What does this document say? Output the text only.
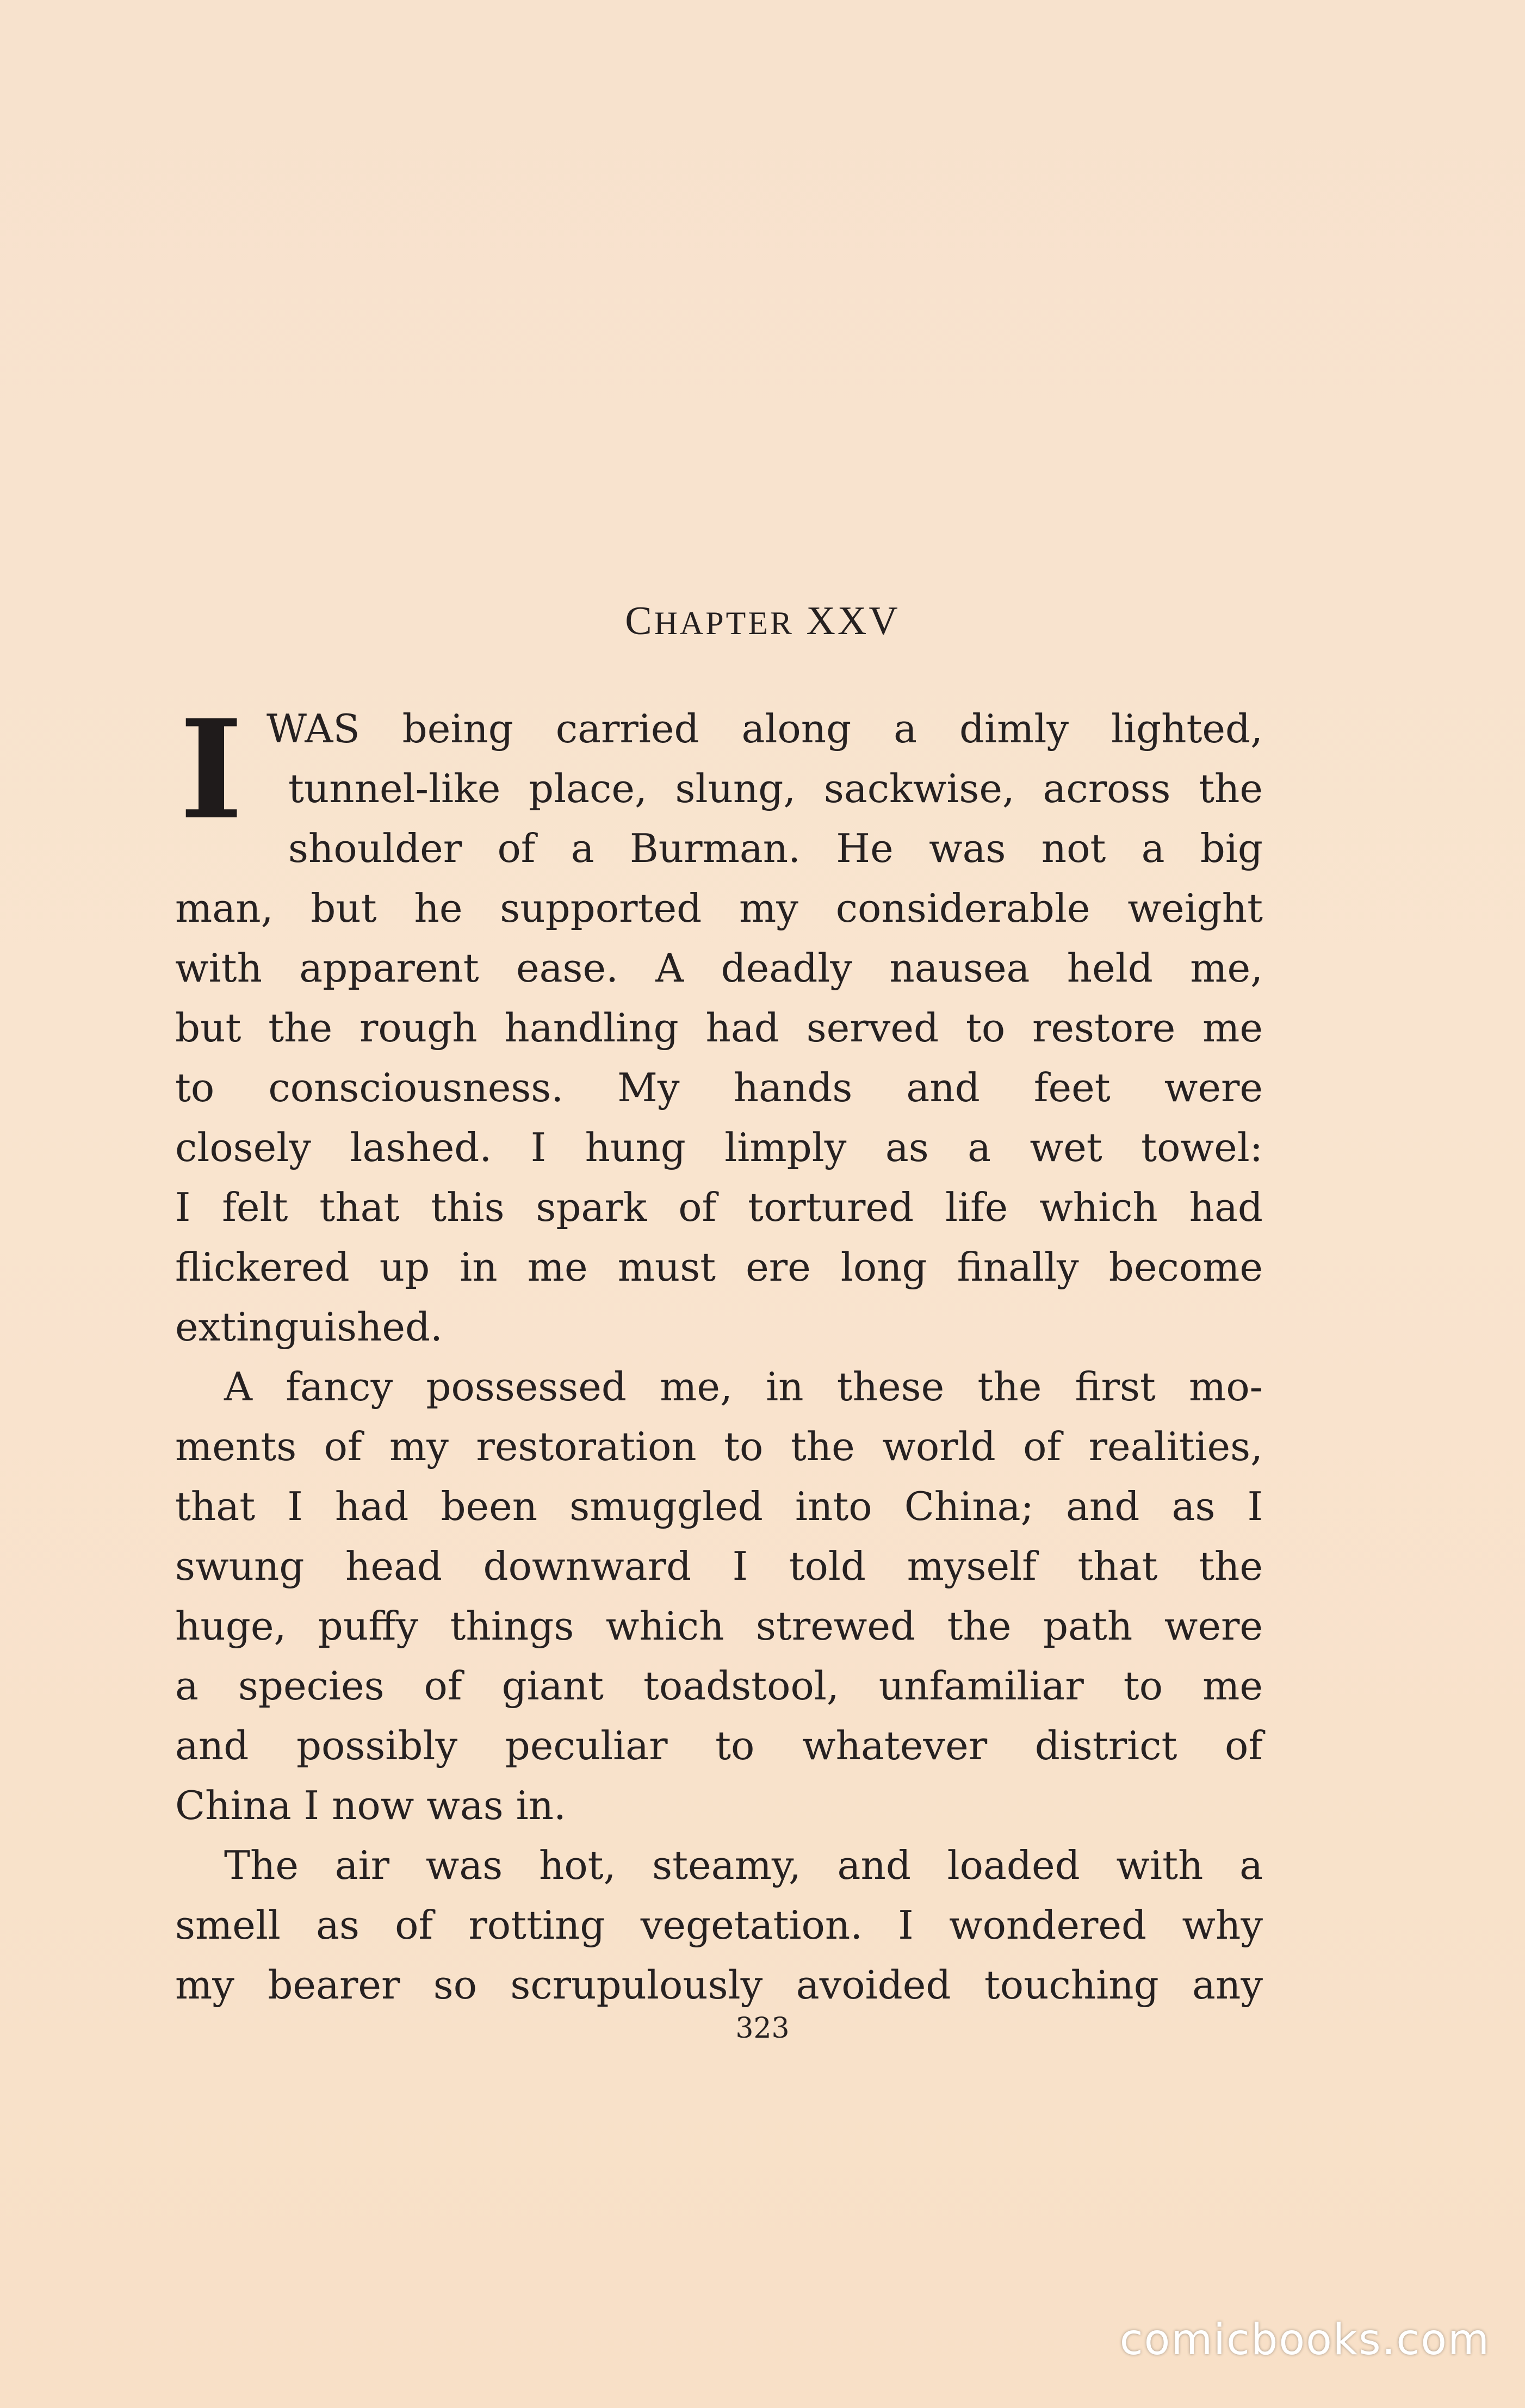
CHAPTER XXV
I WAS being carried along a dimly lighted,
tunnel-like place, slung, sackwise, across the
shoulder of a Burman. He was not a big
man, but he supported my considerable weight
with apparent ease. A deadly nausea held me,
but the rough handling had served to restore me
to consciousness. My hands and feet were
closely lashed. I hung limply as a wet towel:
I felt that this spark of tortured life which had
flickered up in me must ere long finally become
extinguished.
A fancy possessed me, in these the first mo-
ments of my restoration to the world of realities,
that I had been smuggled into China; and as I
swung head downward I told myself that the
huge, puffy things which strewed the path were
a species of giant toadstool, unfamiliar to me
and possibly peculiar to whatever district of
China I now was in.
The air was hot, steamy, and loaded with a
smell as of rotting vegetation. I wondered why
my bearer so scrupulously avoided touching any
323
comicbooks.com
